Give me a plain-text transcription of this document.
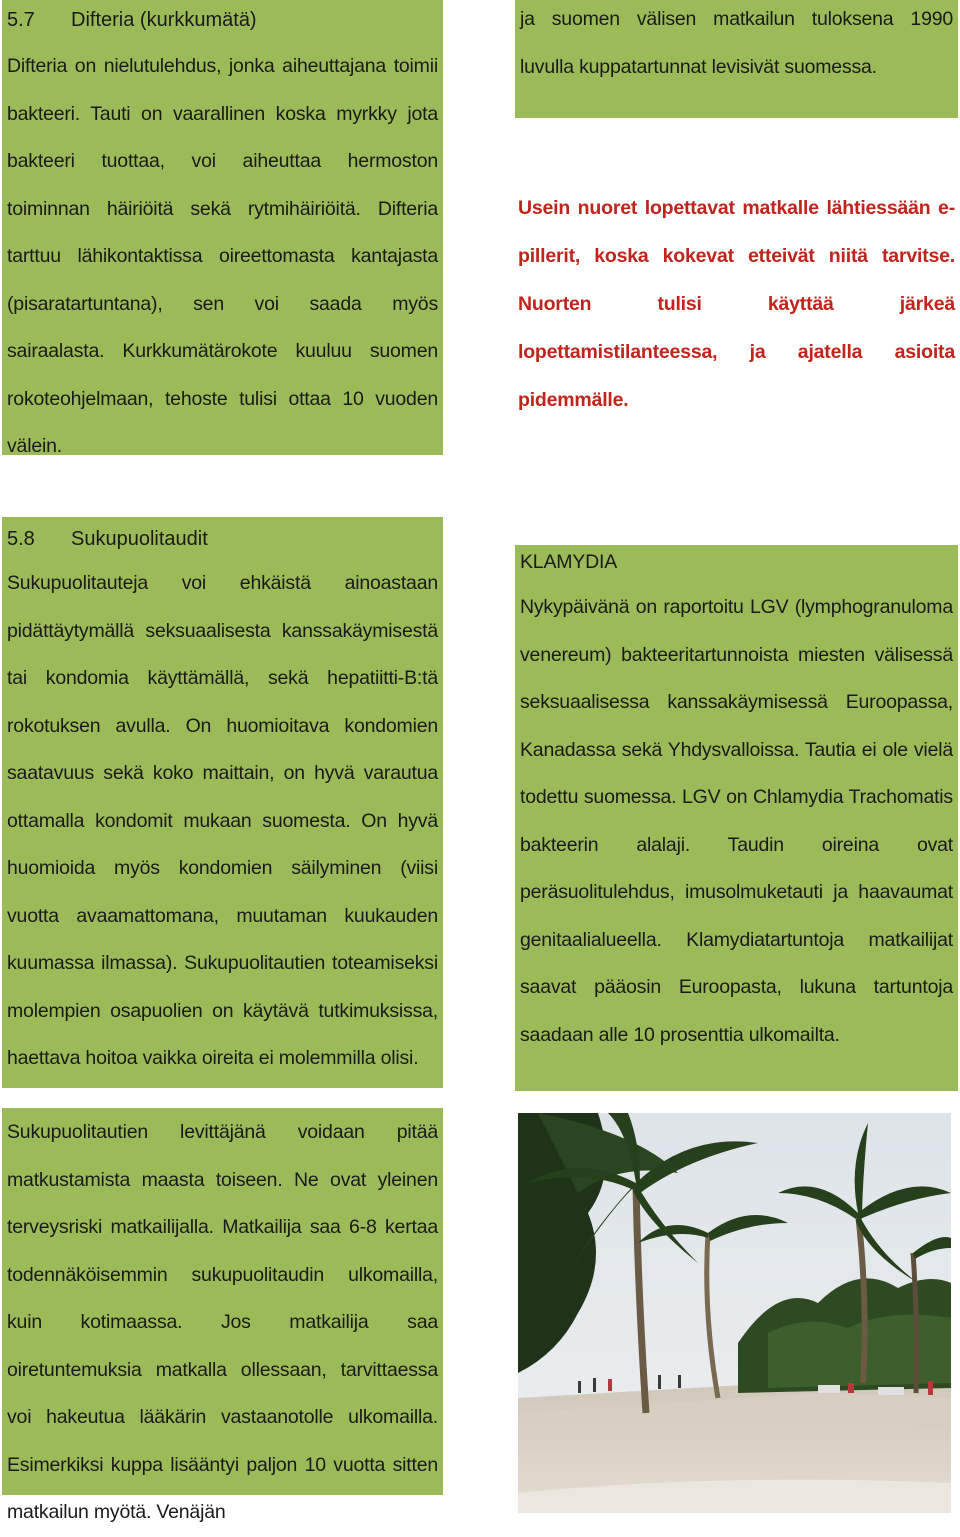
5.7	Difteria (kurkkumätä)

Difteria on nielutulehdus, jonka aiheuttajana toimii bakteeri. Tauti on vaarallinen koska myrkky jota bakteeri tuottaa, voi aiheuttaa hermoston toiminnan häiriöitä sekä rytmihäiriöitä. Difteria tarttuu lähikontaktissa oireettomasta kantajasta (pisaratartuntana), sen voi saada myös sairaalasta. Kurkkumätärokote kuuluu suomen rokoteohjelmaan, tehoste tulisi ottaa 10 vuoden välein.

ja suomen välisen matkailun tuloksena 1990 luvulla kuppatartunnat levisivät suomessa.

Usein nuoret lopettavat matkalle lähtiessään e-pillerit, koska kokevat etteivät niitä tarvitse. Nuorten tulisi käyttää järkeä lopettamistilanteessa, ja ajatella asioita pidemmälle.

5.8	Sukupuolitaudit

Sukupuolitauteja voi ehkäistä ainoastaan pidättäytymällä seksuaalisesta kanssakäymisestä tai kondomia käyttämällä, sekä hepatiitti-B:tä rokotuksen avulla. On huomioitava kondomien saatavuus sekä koko maittain, on hyvä varautua ottamalla kondomit mukaan suomesta. On hyvä huomioida myös kondomien säilyminen (viisi vuotta avaamattomana, muutaman kuukauden kuumassa ilmassa). Sukupuolitautien toteamiseksi molempien osapuolien on käytävä tutkimuksissa, haettava hoitoa vaikka oireita ei molemmilla olisi.

KLAMYDIA

Nykypäivänä on raportoitu LGV (lymphogranuloma venereum) bakteeritartunnoista miesten välisessä seksuaalisessa kanssakäymisessä Euroopassa, Kanadassa sekä Yhdysvalloissa. Tautia ei ole vielä todettu suomessa. LGV on Chlamydia Trachomatis bakteerin alalaji. Taudin oireina ovat peräsuolitulehdus, imusolmuketauti ja haavaumat genitaalialueella. Klamydiatartuntoja matkailijat saavat pääosin Euroopasta, lukuna tartuntoja saadaan alle 10 prosenttia ulkomailta.

Sukupuolitautien levittäjänä voidaan pitää matkustamista maasta toiseen. Ne ovat yleinen terveysriski matkailijalla. Matkailija saa 6-8 kertaa todennäköisemmin sukupuolitaudin ulkomailla, kuin kotimaassa. Jos matkailija saa oiretuntemuksia matkalla ollessaan, tarvittaessa voi hakeutua lääkärin vastaanotolle ulkomailla. Esimerkiksi kuppa lisääntyi paljon 10 vuotta sitten matkailun myötä. Venäjän
